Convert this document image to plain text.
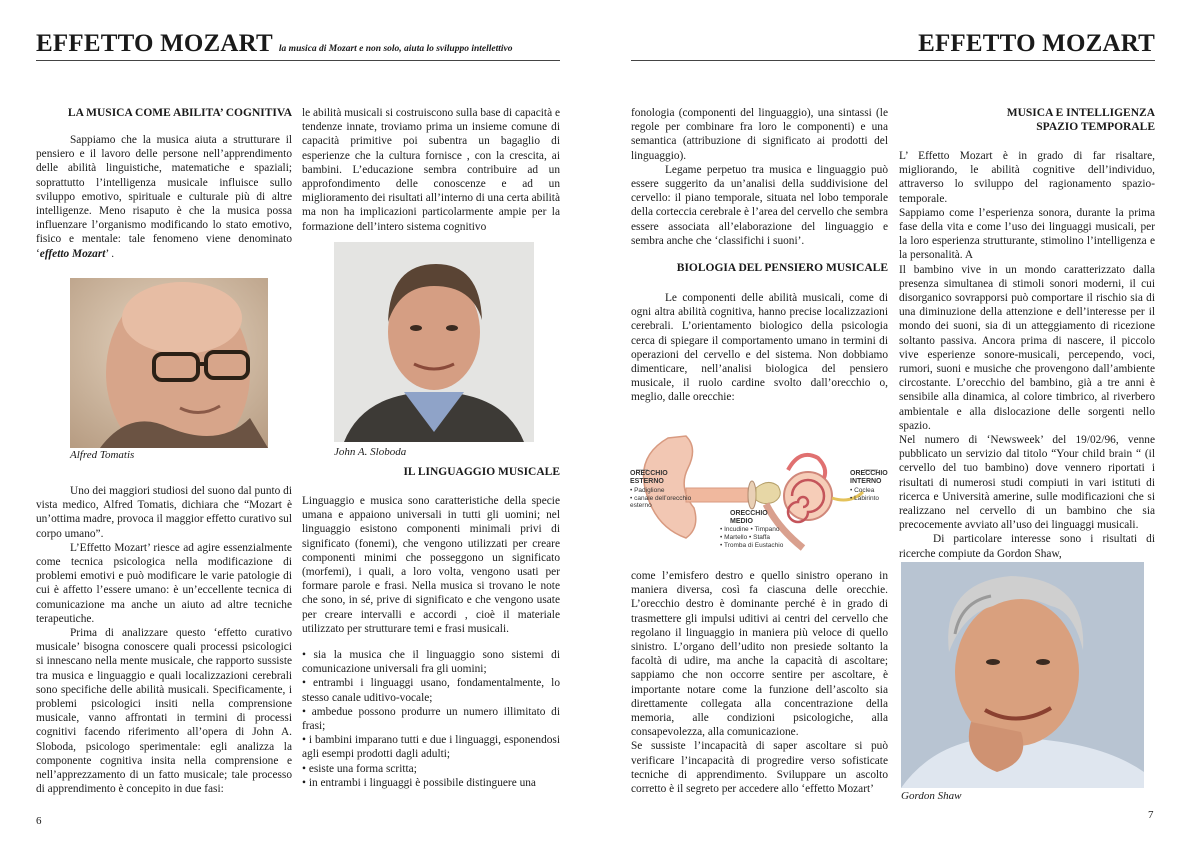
EFFETTO MOZART la musica di Mozart e non solo, aiuta lo sviluppo intellettivo

LA MUSICA COME ABILITA’ COGNITIVA

Sappiamo che la musica aiuta a strutturare il pensiero e il lavoro delle persone nell’apprendimento delle abilità linguistiche, matematiche e spaziali; soprattutto l’intelligenza musicale influisce sullo sviluppo emotivo, spirituale e culturale più di altre intelligenze. Meno risaputo è che la musica possa influenzare l’organismo modificando lo stato emotivo, fisico e mentale: tale fenomeno viene denominato ‘effetto Mozart’ .

Alfred Tomatis

Uno dei maggiori studiosi del suono dal punto di vista medico, Alfred Tomatis, dichiara che “Mozart è un’ottima madre, provoca il maggior effetto curativo sul corpo umano”.

L’Effetto Mozart’ riesce ad agire essenzialmente come tecnica psicologica nella modificazione di problemi emotivi e può modificare le varie patologie di cui è affetto l’essere umano: è un’eccellente tecnica di comunicazione ma anche un aiuto ad altre tecniche terapeutiche.

Prima di analizzare questo ‘effetto curativo musicale’ bisogna conoscere quali processi psicologici si innescano nella mente musicale, che rapporto sussiste tra musica e linguaggio e quali localizzazioni cerebrali sono specifiche delle abilità musicali. Specificamente, i problemi psicologici insiti nella comprensione musicale, vanno affrontati in termini di processi cognitivi facendo riferimento all’opera di John A. Sloboda, psicologo sperimentale: egli analizza la componente cognitiva insita nella comprensione e nell’apprezzamento di un fatto musicale; tale processo di apprendimento è concepito in due fasi:

le abilità musicali si costruiscono sulla base di capacità e tendenze innate, troviamo prima un insieme comune di capacità primitive poi subentra un bagaglio di esperienze che la cultura fornisce , con la crescita, ai bambini. L’educazione sembra contribuire ad un approfondimento delle conoscenze e ad un miglioramento dei risultati all’interno di una certa abilità ma non ha implicazioni particolarmente ampie per la formazione dell’intero sistema cognitivo

John A. Sloboda

IL LINGUAGGIO MUSICALE

Linguaggio e musica sono caratteristiche della specie umana e appaiono universali in tutti gli uomini; nel linguaggio esistono componenti minimali privi di significato (fonemi), che vengono utilizzati per creare componenti minimi che posseggono un significato (morfemi), i quali, a loro volta, vengono usati per formare parole e frasi. Nella musica si trovano le note che sono, in sé, prive di significato e che vengono usate per creare intervalli e accordi , cioè il materiale utilizzato per strutturare temi e frasi musicali.

• sia la musica che il linguaggio sono sistemi di comunicazione universali fra gli uomini;
• entrambi i linguaggi usano, fondamentalmente, lo stesso canale uditivo-vocale;
• ambedue possono produrre un numero illimitato di frasi;
• i bambini imparano tutti e due i linguaggi, esponendosi agli esempi prodotti dagli adulti;
• esiste una forma scritta;
• in entrambi i linguaggi è possibile distinguere una
6
EFFETTO MOZART

fonologia (componenti del linguaggio), una sintassi (le regole per combinare fra loro le componenti) e una semantica (attribuzione di significato ai prodotti del linguaggio).

Legame perpetuo tra musica e linguaggio può essere suggerito da un’analisi della suddivisione del cervello: il piano temporale, situata nel lobo temporale della corteccia cerebrale è l’area del cervello che sembra essere associata all’elaborazione del linguaggio e sembra anche che ‘classifichi i suoni’.

BIOLOGIA DEL PENSIERO MUSICALE

Le componenti delle abilità musicali, come di ogni altra abilità cognitiva, hanno precise localizzazioni cerebrali. L’orientamento biologico della psicologia cerca di spiegare il comportamento umano in termini di operazioni del cervello e del sistema. Non dobbiamo dimenticare, nell’analisi biologica del pensiero musicale, il ruolo cardine svolto dall’orecchio o, meglio, dalle orecchie:

ORECCHIO ESTERNO
• Padiglione
• canale dell’orecchio esterno
ORECCHIO MEDIO
• Incudine • Timpano
• Martello • Staffa
• Tromba di Eustachio
ORECCHIO INTERNO
• Coclea
• Labirinto

come l’emisfero destro e quello sinistro operano in maniera diversa, così fa ciascuna delle orecchie. L’orecchio destro è dominante perché è in grado di trasmettere gli impulsi uditivi ai centri del cervello che regolano il linguaggio in maniera più veloce di quello sinistro. L’organo dell’udito non presiede soltanto la facoltà di udire, ma anche la capacità di ascoltare; sappiamo che non occorre sentire per ascoltare, è importante notare come la funzione dell’ascolto sia direttamente collegata alla concentrazione della memoria, alle condizioni psicologiche, alla consapevolezza, alla comunicazione.

Se sussiste l’incapacità di saper ascoltare si può verificare l’incapacità di progredire verso sofisticate tecniche di apprendimento. Sviluppare un ascolto corretto è il segreto per accedere allo ‘effetto Mozart’

MUSICA E INTELLIGENZA
SPAZIO TEMPORALE

L’ Effetto Mozart è in grado di far risaltare, migliorando, le abilità cognitive dell’individuo, attraverso lo sviluppo del ragionamento spazio-temporale.

Sappiamo come l’esperienza sonora, durante la prima fase della vita e come l’uso dei linguaggi musicali, per la loro esperienza strutturante, stimolino l’intelligenza e la personalità. A

Il bambino vive in un mondo caratterizzato dalla presenza simultanea di stimoli sonori moderni, il cui disorganico sovrapporsi può comportare il rischio sia di una diminuzione della attenzione e dell’interesse per il mondo dei suoni, sia di un atteggiamento di ricezione soltanto passiva. Ancora prima di nascere, il piccolo vive esperienze sonore-musicali, percependo, voci, rumori, suoni e musiche che provengono dall’ambiente circostante. L’orecchio del bambino, già a tre anni è sensibile alla dinamica, al colore timbrico, al riverbero ambientale e alla dislocazione delle sorgenti nello spazio.

Nel numero di ‘Newsweek’ del 19/02/96, venne pubblicato un servizio dal titolo “Your child brain “ (il cervello del tuo bambino) dove vennero riportati i risultati di numerosi studi compiuti in vari istituti di ricerca e Università amerine, sulle modificazioni che si realizzano nel cervello di un bambino che sia precocemente avviato all’uso dei linguaggi musicali.

Di particolare interesse sono i risultati di ricerche compiute da Gordon Shaw,

Gordon Shaw
7
